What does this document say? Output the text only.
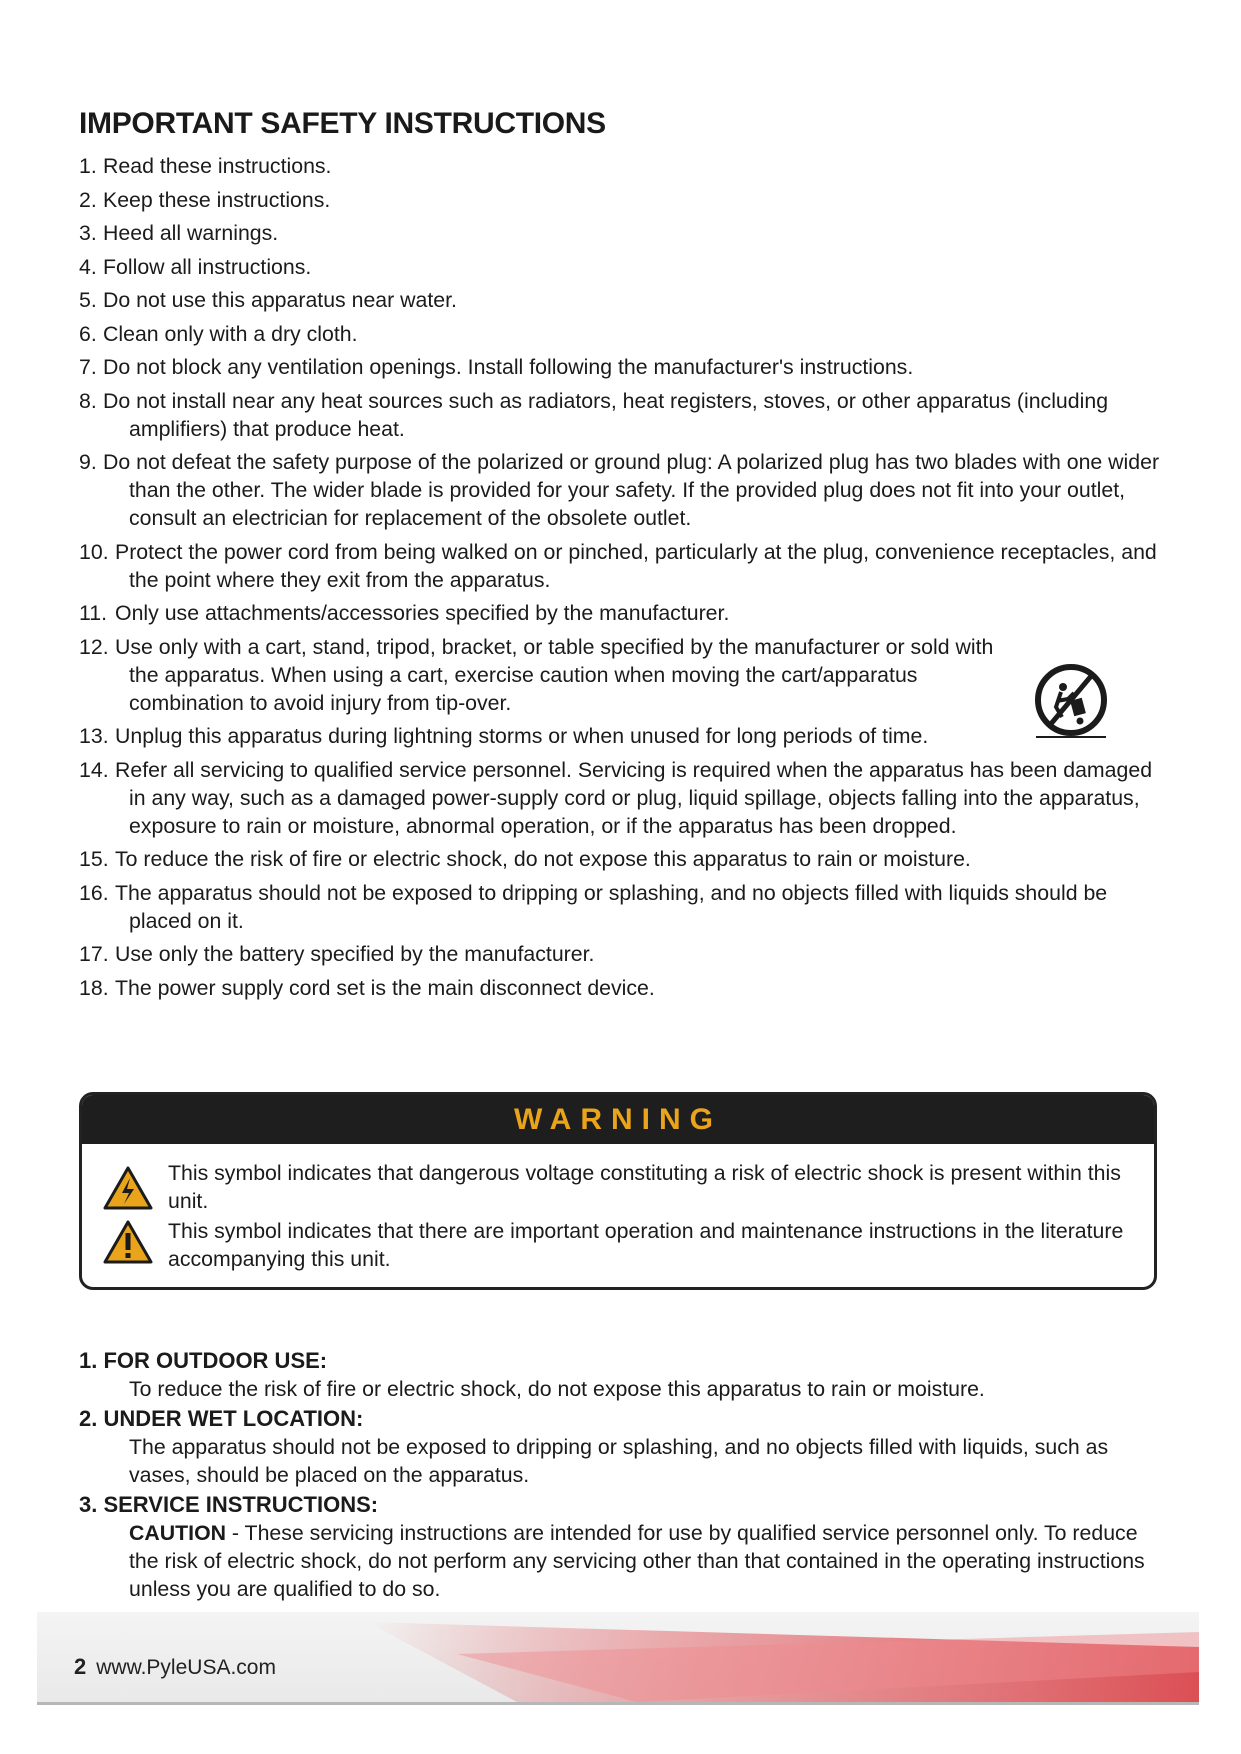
IMPORTANT SAFETY INSTRUCTIONS
1. Read these instructions.
2. Keep these instructions.
3. Heed all warnings.
4. Follow all instructions.
5. Do not use this apparatus near water.
6. Clean only with a dry cloth.
7. Do not block any ventilation openings. Install following the manufacturer's instructions.
8. Do not install near any heat sources such as radiators, heat registers, stoves, or other apparatus (including amplifiers) that produce heat.
9. Do not defeat the safety purpose of the polarized or ground plug: A polarized plug has two blades with one wider than the other. The wider blade is provided for your safety. If the provided plug does not fit into your outlet, consult an electrician for replacement of the obsolete outlet.
10. Protect the power cord from being walked on or pinched, particularly at the plug, convenience receptacles, and the point where they exit from the apparatus.
11. Only use attachments/accessories specified by the manufacturer.
12. Use only with a cart, stand, tripod, bracket, or table specified by the manufacturer or sold with the apparatus. When using a cart, exercise caution when moving the cart/apparatus combination to avoid injury from tip-over.
13. Unplug this apparatus during lightning storms or when unused for long periods of time.
14. Refer all servicing to qualified service personnel. Servicing is required when the apparatus has been damaged in any way, such as a damaged power-supply cord or plug, liquid spillage, objects falling into the apparatus, exposure to rain or moisture, abnormal operation, or if the apparatus has been dropped.
15. To reduce the risk of fire or electric shock, do not expose this apparatus to rain or moisture.
16. The apparatus should not be exposed to dripping or splashing, and no objects filled with liquids should be placed on it.
17. Use only the battery specified by the manufacturer.
18. The power supply cord set is the main disconnect device.
WARNING
This symbol indicates that dangerous voltage constituting a risk of electric shock is present within this unit.
This symbol indicates that there are important operation and maintenance instructions in the literature accompanying this unit.
1. FOR OUTDOOR USE:
To reduce the risk of fire or electric shock, do not expose this apparatus to rain or moisture.
2. UNDER WET LOCATION:
The apparatus should not be exposed to dripping or splashing, and no objects filled with liquids, such as vases, should be placed on the apparatus.
3. SERVICE INSTRUCTIONS:
CAUTION - These servicing instructions are intended for use by qualified service personnel only. To reduce the risk of electric shock, do not perform any servicing other than that contained in the operating instructions unless you are qualified to do so.
2 www.PyleUSA.com
